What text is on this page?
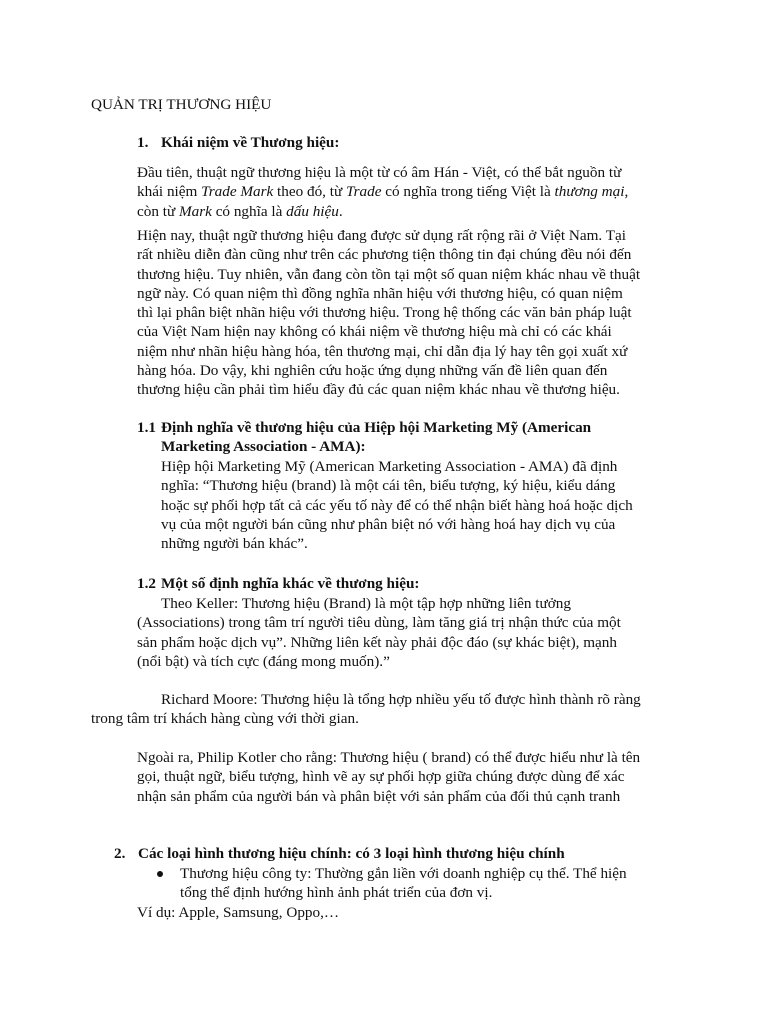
QUẢN TRỊ THƯƠNG HIỆU
1. Khái niệm về Thương hiệu:
Đầu tiên, thuật ngữ thương hiệu là một từ có âm Hán - Việt, có thể bắt nguồn từ
khái niệm Trade Mark theo đó, từ Trade có nghĩa trong tiếng Việt là thương mại,
còn từ Mark có nghĩa là dấu hiệu.
Hiện nay, thuật ngữ thương hiệu đang được sử dụng rất rộng rãi ở Việt Nam. Tại
rất nhiều diễn đàn cũng như trên các phương tiện thông tin đại chúng đều nói đến
thương hiệu. Tuy nhiên, vẫn đang còn tồn tại một số quan niệm khác nhau về thuật
ngữ này. Có quan niệm thì đồng nghĩa nhãn hiệu với thương hiệu, có quan niệm
thì lại phân biệt nhãn hiệu với thương hiệu. Trong hệ thống các văn bản pháp luật
của Việt Nam hiện nay không có khái niệm về thương hiệu mà chỉ có các khái
niệm như nhãn hiệu hàng hóa, tên thương mại, chỉ dẫn địa lý hay tên gọi xuất xứ
hàng hóa. Do vậy, khi nghiên cứu hoặc ứng dụng những vấn đề liên quan đến
thương hiệu cần phải tìm hiểu đầy đủ các quan niệm khác nhau về thương hiệu.
1.1 Định nghĩa về thương hiệu của Hiệp hội Marketing Mỹ (American
Marketing Association - AMA):
Hiệp hội Marketing Mỹ (American Marketing Association - AMA) đã định
nghĩa: “Thương hiệu (brand) là một cái tên, biểu tượng, ký hiệu, kiểu dáng
hoặc sự phối hợp tất cả các yếu tố này để có thể nhận biết hàng hoá hoặc dịch
vụ của một người bán cũng như phân biệt nó với hàng hoá hay dịch vụ của
những người bán khác”.
1.2 Một số định nghĩa khác về thương hiệu:
Theo Keller: Thương hiệu (Brand) là một tập hợp những liên tưởng
(Associations) trong tâm trí người tiêu dùng, làm tăng giá trị nhận thức của một
sản phẩm hoặc dịch vụ”. Những liên kết này phải độc đáo (sự khác biệt), mạnh
(nổi bật) và tích cực (đáng mong muốn).”
Richard Moore: Thương hiệu là tổng hợp nhiều yếu tố được hình thành rõ ràng
trong tâm trí khách hàng cùng với thời gian.
Ngoài ra, Philip Kotler cho rằng: Thương hiệu ( brand) có thể được hiểu như là tên
gọi, thuật ngữ, biểu tượng, hình vẽ ay sự phối hợp giữa chúng được dùng để xác
nhận sản phẩm của người bán và phân biệt với sản phẩm của đối thủ cạnh tranh
2. Các loại hình thương hiệu chính: có 3 loại hình thương hiệu chính
Thương hiệu công ty: Thường gắn liền với doanh nghiệp cụ thể. Thể hiện
tổng thể định hướng hình ảnh phát triển của đơn vị.
Ví dụ: Apple, Samsung, Oppo,…
